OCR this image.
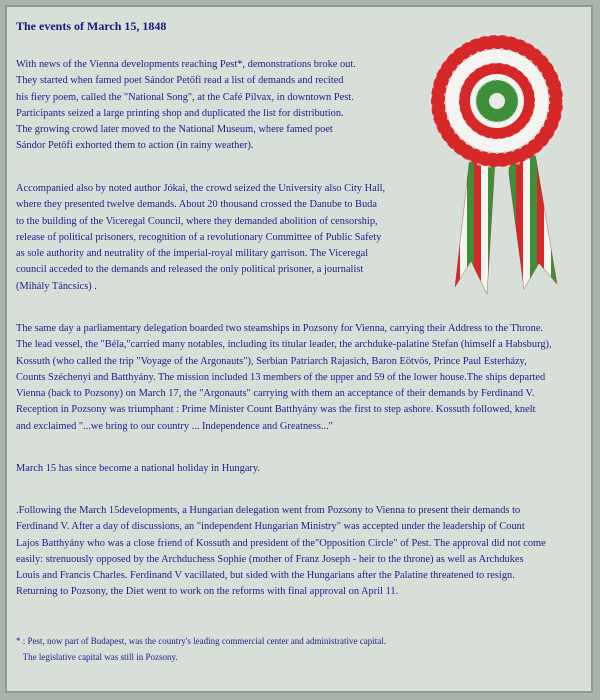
The events of March 15, 1848

With news of the Vienna developments reaching Pest*, demonstrations broke out.
They started when famed poet Sándor Petőfi read a list of demands and recited
his fiery poem, called the "National Song", at the Café Pilvax, in downtown Pest.
Participants seized a large printing shop and duplicated the list for distribution.
The growing crowd later moved to the National Museum, where famed poet
Sándor Petőfi exhorted them to action (in rainy weather).

Accompanied also by noted author Jókai, the crowd seized the University also City Hall,
where they presented twelve demands. About 20 thousand crossed the Danube to Buda
to the building of the Viceregal Council, where they demanded abolition of censorship,
release of political prisoners, recognition of a revolutionary Committee of Public Safety
as sole authority and neutrality of the imperial-royal military garrison. The Viceregal
council acceded to the demands and released the only political prisoner, a journalist
(Mihály Táncsics) .

The same day a parliamentary delegation boarded two steamships in Pozsony for Vienna, carrying their Address to the Throne.
The lead vessel, the "Béla,"carried many notables, including its titular leader, the archduke-palatine Stefan (himself a Habsburg),
Kossuth (who called the trip "Voyage of the Argonauts"), Serbian Patriarch Rajasich, Baron Eötvös, Prince Paul Esterházy,
Counts Széchenyi and Batthyány. The mission included 13 members of the upper and 59 of the lower house.The ships departed
Vienna (back to Pozsony) on March 17, the "Argonauts" carrying with them an acceptance of their demands by Ferdinand V.
Reception in Pozsony was triumphant : Prime Minister Count Batthyány was the first to step ashore. Kossuth followed, knelt
and exclaimed "...we bring to our country ... Independence and Greatness..."

March 15 has since become a national holiday in Hungary.

.Following the March 15developments, a Hungarian delegation went from Pozsony to Vienna to present their demands to
Ferdinand V. After a day of discussions, an "independent Hungarian Ministry" was accepted under the leadership of Count
Lajos Batthyány who was a close friend of Kossuth and president of the"Opposition Circle" of Pest. The approval did not come
easily: strenuously opposed by the Archduchess Sophie (mother of Franz Joseph - heir to the throne) as well as Archdukes
Louis and Francis Charles. Ferdinand V vacillated, but sided with the Hungarians after the Palatine threatened to resign.
Returning to Pozsony, the Diet went to work on the reforms with final approval on April 11.

* : Pest, now part of Budapest, was the country's leading commercial center and administrative capital.
The legislative capital was still in Pozsony.
